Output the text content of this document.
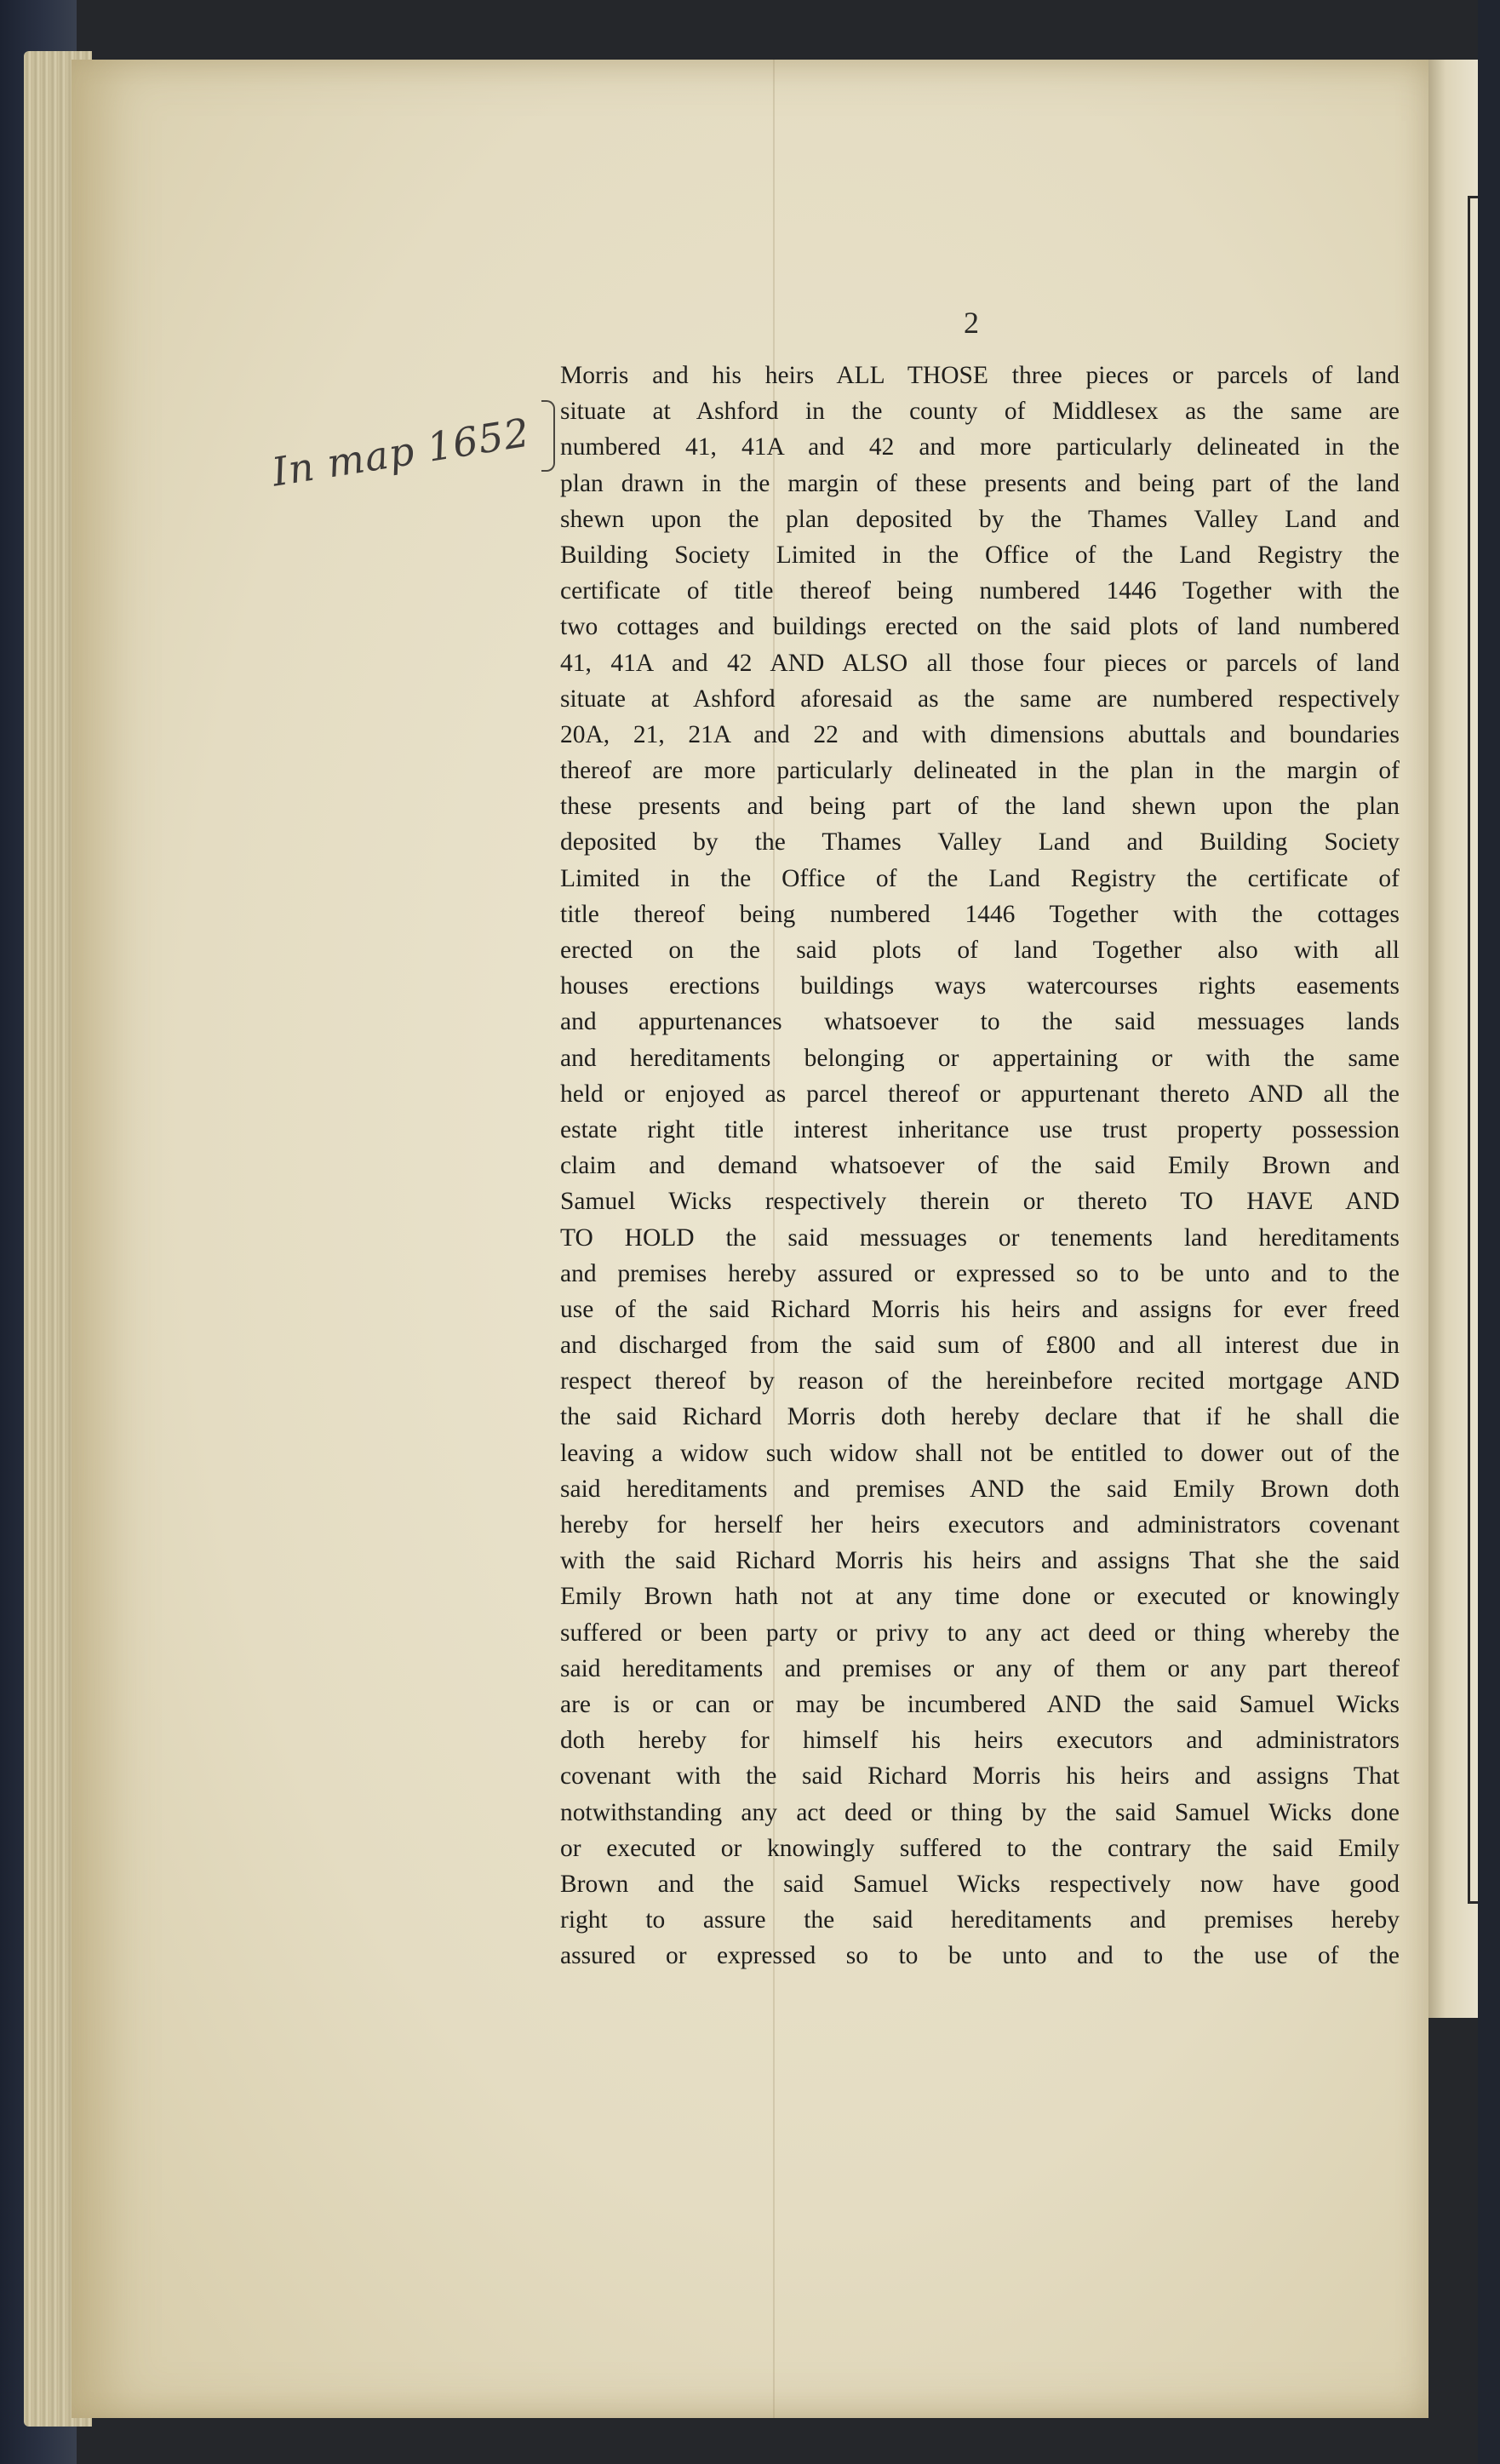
2
In map 1652
Morris and his heirs ALL THOSE three pieces or parcels of land
situate at Ashford in the county of Middlesex as the same are
numbered 41, 41A and 42 and more particularly delineated in the
plan drawn in the margin of these presents and being part of the land
shewn upon the plan deposited by the Thames Valley Land and
Building Society Limited in the Office of the Land Registry the
certificate of title thereof being numbered 1446 Together with the
two cottages and buildings erected on the said plots of land numbered
41, 41A and 42 AND ALSO all those four pieces or parcels of land
situate at Ashford aforesaid as the same are numbered respectively
20A, 21, 21A and 22 and with dimensions abuttals and boundaries
thereof are more particularly delineated in the plan in the margin of
these presents and being part of the land shewn upon the plan
deposited by the Thames Valley Land and Building Society
Limited in the Office of the Land Registry the certificate of
title thereof being numbered 1446 Together with the cottages
erected on the said plots of land Together also with all
houses erections buildings ways watercourses rights easements
and appurtenances whatsoever to the said messuages lands
and hereditaments belonging or appertaining or with the same
held or enjoyed as parcel thereof or appurtenant thereto AND all the
estate right title interest inheritance use trust property possession
claim and demand whatsoever of the said Emily Brown and
Samuel Wicks respectively therein or thereto TO HAVE AND
TO HOLD the said messuages or tenements land hereditaments
and premises hereby assured or expressed so to be unto and to the
use of the said Richard Morris his heirs and assigns for ever freed
and discharged from the said sum of £800 and all interest due in
respect thereof by reason of the hereinbefore recited mortgage AND
the said Richard Morris doth hereby declare that if he shall die
leaving a widow such widow shall not be entitled to dower out of the
said hereditaments and premises AND the said Emily Brown doth
hereby for herself her heirs executors and administrators covenant
with the said Richard Morris his heirs and assigns That she the said
Emily Brown hath not at any time done or executed or knowingly
suffered or been party or privy to any act deed or thing whereby the
said hereditaments and premises or any of them or any part thereof
are is or can or may be incumbered AND the said Samuel Wicks
doth hereby for himself his heirs executors and administrators
covenant with the said Richard Morris his heirs and assigns That
notwithstanding any act deed or thing by the said Samuel Wicks done
or executed or knowingly suffered to the contrary the said Emily
Brown and the said Samuel Wicks respectively now have good
right to assure the said hereditaments and premises hereby
assured or expressed so to be unto and to the use of the
